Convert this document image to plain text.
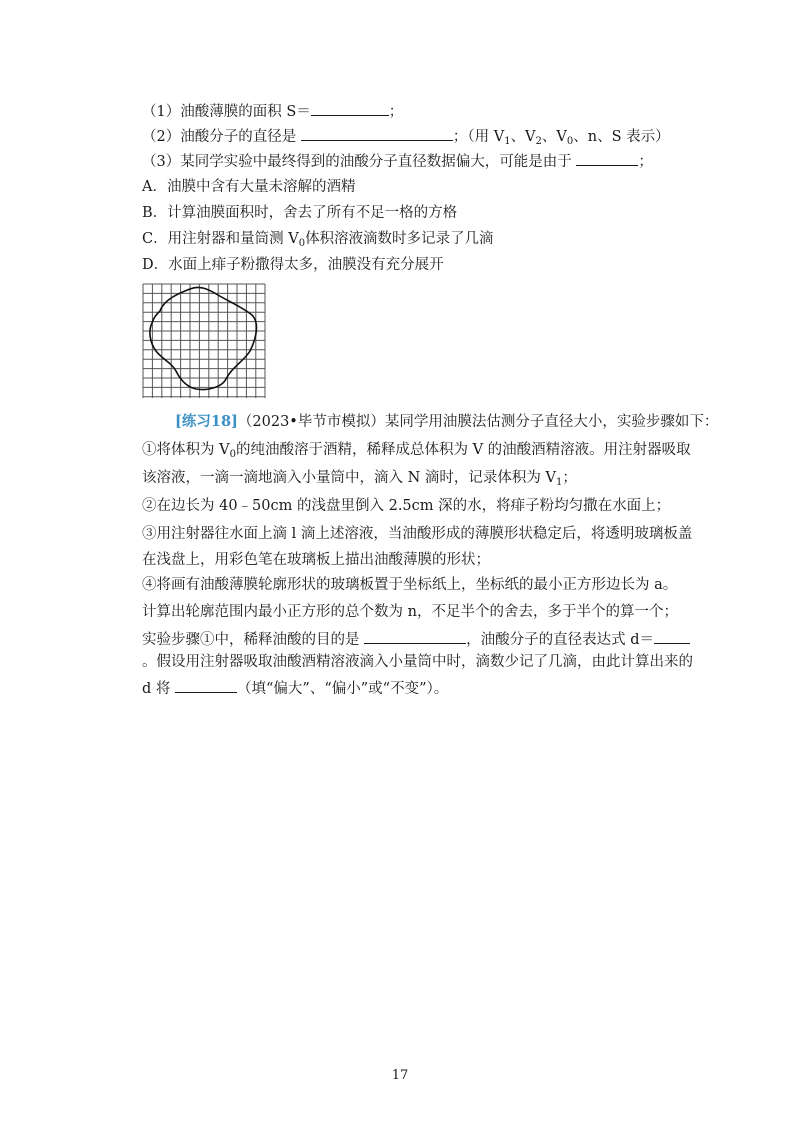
（1）油酸薄膜的面积 S＝	；
（2）油酸分子的直径是	；（用 $V_1$、$V_2$、$V_0$、n、S 表示）
（3）某同学实验中最终得到的油酸分子直径数据偏大，可能是由于	；
A．油膜中含有大量未溶解的酒精
B．计算油膜面积时，舍去了所有不足一格的方格
C．用注射器和量筒测 $V_0$体积溶液滴数时多记录了几滴
D．水面上痱子粉撒得太多，油膜没有充分展开
[练习18]（2023•毕节市模拟）某同学用油膜法估测分子直径大小，实验步骤如下：
①将体积为 $V_0$的纯油酸溶于酒精，稀释成总体积为 V 的油酸酒精溶液。用注射器吸取
该溶液，一滴一滴地滴入小量筒中，滴入 N 滴时，记录体积为 $V_1$；
②在边长为 40﹣50cm 的浅盘里倒入 2.5cm 深的水，将痱子粉均匀撒在水面上；
③用注射器往水面上滴 l 滴上述溶液，当油酸形成的薄膜形状稳定后，将透明玻璃板盖
在浅盘上，用彩色笔在玻璃板上描出油酸薄膜的形状；
④将画有油酸薄膜轮廓形状的玻璃板置于坐标纸上，坐标纸的最小正方形边长为 a。
计算出轮廓范围内最小正方形的总个数为 n，不足半个的舍去，多于半个的算一个；
实验步骤①中，稀释油酸的目的是	，油酸分子的直径表达式 d＝
。假设用注射器吸取油酸酒精溶液滴入小量筒中时，滴数少记了几滴，由此计算出来的
d 将	（填“偏大”、“偏小”或“不变”）。
17
